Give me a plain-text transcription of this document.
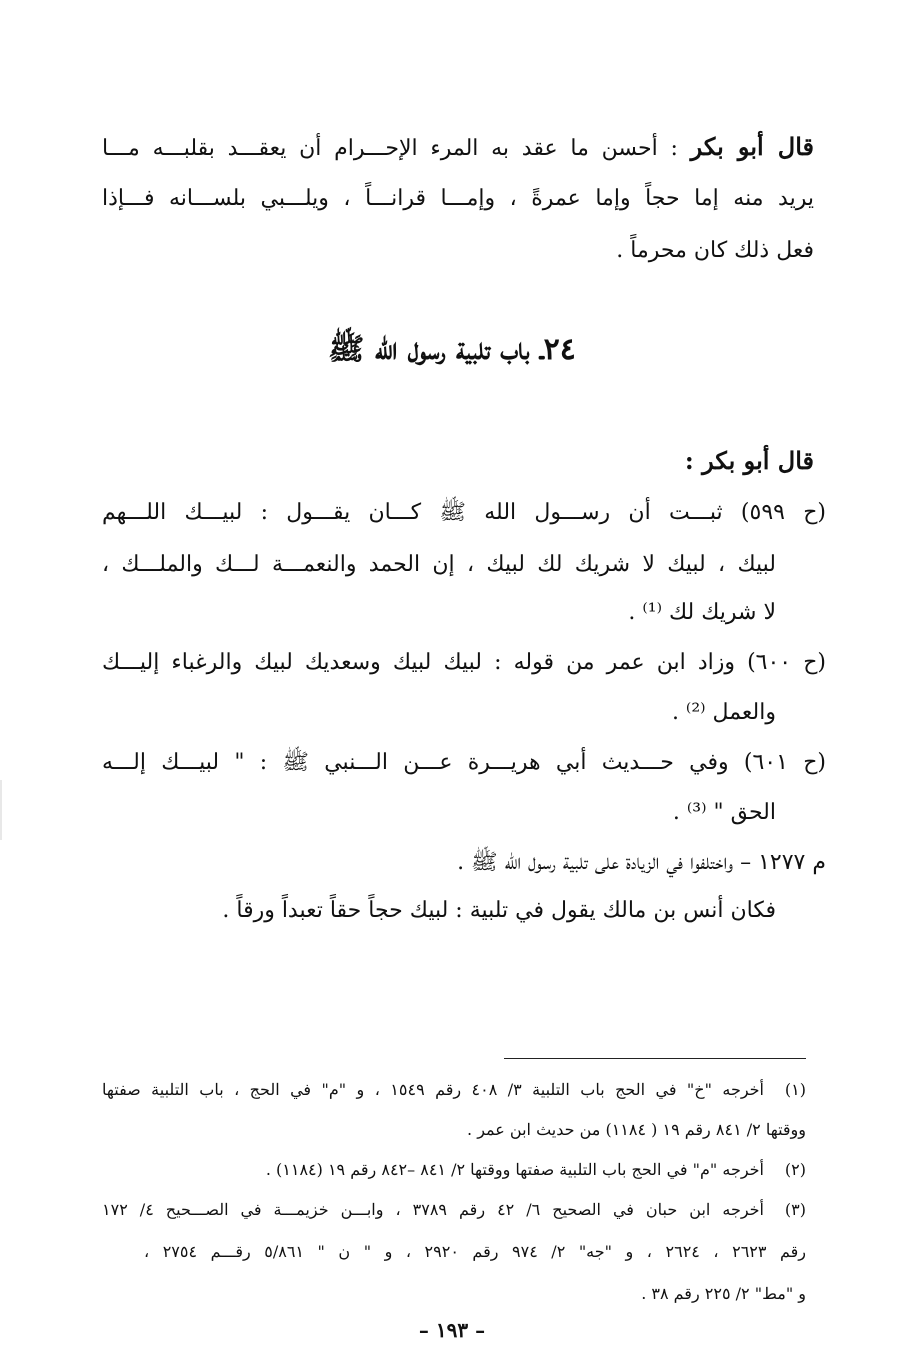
قال أبو بكر : أحسن ما عقد به المرء الإحـــرام أن يعقـــد بقلبـــه مـــا
يريد منه إما حجاً وإما عمرةً ، وإمـــا قرانـــاً ، ويلـــبي بلســـانه فـــإذا
فعل ذلك كان محرماً .
٢٤ـ باب تلبية رسول الله ﷺ
قال أبو بكر :
(ح ٥٩٩) ثبـــت أن رســـول الله ﷺ كـــان يقـــول : لبيـــك اللـــهم
لبيك ، لبيك لا شريك لك لبيك ، إن الحمد والنعمـــة لـــك والملـــك ،
لا شريك لك ⁽¹⁾ .
(ح ٦٠٠) وزاد ابن عمر من قوله : لبيك لبيك وسعديك لبيك والرغباء إليـــك
والعمل ⁽²⁾ .
(ح ٦٠١) وفي حـــديث أبي هريـــرة عـــن الـــنبي ﷺ : " لبيـــك إلـــه
الحق " ⁽³⁾ .
م ١٢٧٧ – واختلفوا في الزيادة على تلبية رسول الله ﷺ .
فكان أنس بن مالك يقول في تلبية : لبيك حجاً حقاً تعبداً ورقاً .
(١)أخرجه "خ" في الحج باب التلبية ٣/ ٤٠٨ رقم ١٥٤٩ ، و "م" في الحج ، باب التلبية صفتها
ووقتها ٢/ ٨٤١ رقم ١٩ ( ١١٨٤) من حديث ابن عمر .
(٢)أخرجه "م" في الحج باب التلبية صفتها ووقتها ٢/ ٨٤١ –٨٤٢ رقم ١٩ (١١٨٤) .
(٣)أخرجه ابن حبان في الصحيح ٦/ ٤٢ رقم ٣٧٨٩ ، وابـــن خزيمـــة في الصـــحيح ٤/ ١٧٢
رقم ٢٦٢٣ ، ٢٦٢٤ ، و "جه" ٢/ ٩٧٤ رقم ٢٩٢٠ ، و " ن " ٥/٨٦١ رقـــم ٢٧٥٤ ،
و "مط" ٢/ ٢٢٥ رقم ٣٨ .
– ١٩٣ –
